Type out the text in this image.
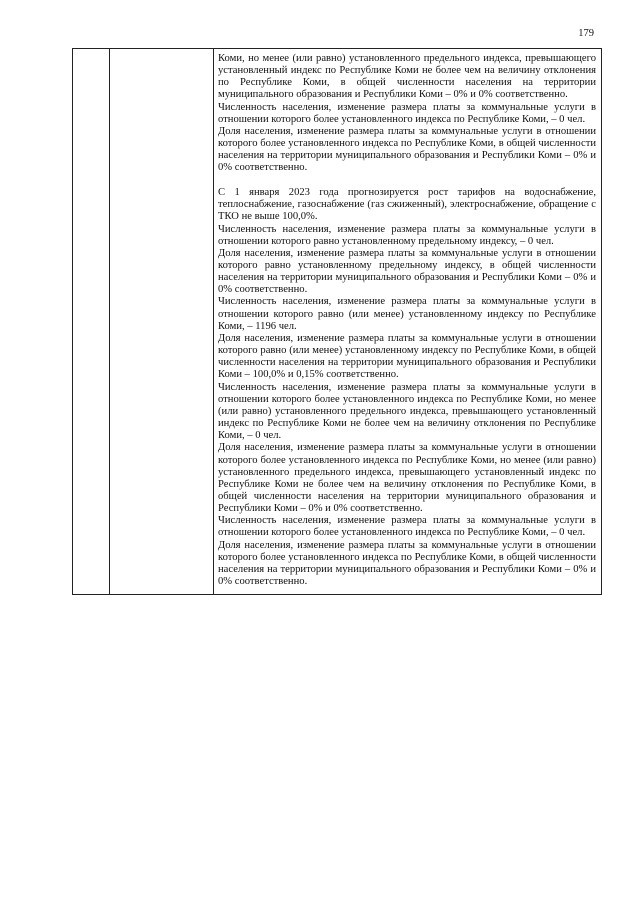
179

Коми, но менее (или равно) установленного предельного индекса, превышающего установленный индекс по Республике Коми не более чем на величину отклонения по Республике Коми, в общей численности населения на территории муниципального образования и Республики Коми – 0% и 0% соответственно.

Численность населения, изменение размера платы за коммунальные услуги в отношении которого более установленного индекса по Республике Коми, – 0 чел.

Доля населения, изменение размера платы за коммунальные услуги в отношении которого более установленного индекса по Республике Коми, в общей численности населения на территории муниципального образования и Республики Коми – 0% и 0% соответственно.

С 1 января 2023 года прогнозируется рост тарифов на водоснабжение, теплоснабжение, газоснабжение (газ сжиженный), электроснабжение, обращение с ТКО не выше 100,0%.

Численность населения, изменение размера платы за коммунальные услуги в отношении которого равно установленному предельному индексу, – 0 чел.

Доля населения, изменение размера платы за коммунальные услуги в отношении которого равно установленному предельному индексу, в общей численности населения на территории муниципального образования и Республики Коми – 0% и 0% соответственно.

Численность населения, изменение размера платы за коммунальные услуги в отношении которого равно (или менее) установленному индексу по Республике Коми, – 1196 чел.

Доля населения, изменение размера платы за коммунальные услуги в отношении которого равно (или менее) установленному индексу по Республике Коми, в общей численности населения на территории муниципального образования и Республики Коми – 100,0% и 0,15% соответственно.

Численность населения, изменение размера платы за коммунальные услуги в отношении которого более установленного индекса по Республике Коми, но менее (или равно) установленного предельного индекса, превышающего установленный индекс по Республике Коми не более чем на величину отклонения по Республике Коми, – 0 чел.

Доля населения, изменение размера платы за коммунальные услуги в отношении которого более установленного индекса по Республике Коми, но менее (или равно) установленного предельного индекса, превышающего установленный индекс по Республике Коми не более чем на величину отклонения по Республике Коми, в общей численности населения на территории муниципального образования и Республики Коми – 0% и 0% соответственно.

Численность населения, изменение размера платы за коммунальные услуги в отношении которого более установленного индекса по Республике Коми, – 0 чел.

Доля населения, изменение размера платы за коммунальные услуги в отношении которого более установленного индекса по Республике Коми, в общей численности населения на территории муниципального образования и Республики Коми – 0% и 0% соответственно.
